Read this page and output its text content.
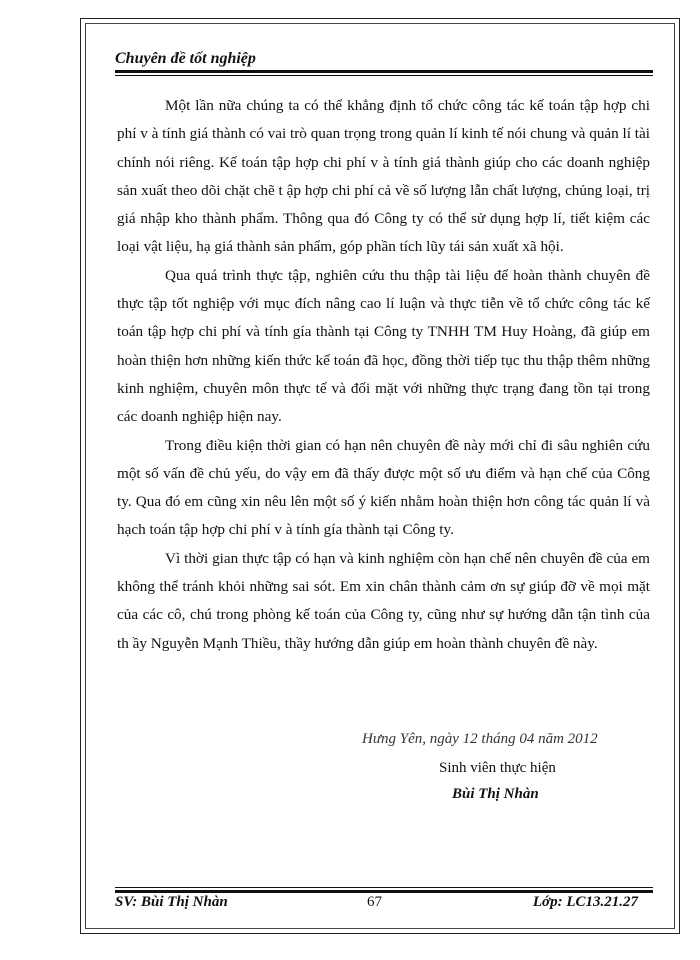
Chuyên đề tốt nghiệp

Một lần nữa chúng ta có thể khẳng định tổ chức công tác kế toán tập hợp chi phí v à tính giá thành có vai trò quan trọng trong quản lí kinh tế nói chung và quản lí tài chính nói riêng. Kế toán tập hợp chi phí v à tính giá thành giúp cho các doanh nghiệp sản xuất theo dõi chặt chẽ t ập hợp chi phí cả về số lượng lẫn chất lượng, chủng loại, trị giá nhập kho thành phẩm. Thông qua đó Công ty có thể sử dụng hợp lí, tiết kiệm các loại vật liệu, hạ giá thành sản phẩm, góp phần tích lũy tái sản xuất xã hội.

Qua quá trình thực tập, nghiên cứu thu thập tài liệu để hoàn thành chuyên đề thực tập tốt nghiệp với mục đích nâng cao lí luận và thực tiễn về tổ chức công tác kế toán tập hợp chi phí và tính gía thành tại Công ty TNHH TM Huy Hoàng, đã giúp em hoàn thiện hơn những kiến thức kế toán đã học, đồng thời tiếp tục thu thập thêm những kinh nghiệm, chuyên môn thực tế và đối mặt với những thực trạng đang tồn tại trong các doanh nghiệp hiện nay.

Trong điều kiện thời gian có hạn nên chuyên đề này mới chỉ đi sâu nghiên cứu một số vấn đề chủ yếu, do vậy em đã thấy được một số ưu điểm và hạn chế của Công ty. Qua đó em cũng xin nêu lên một số ý kiến nhằm hoàn thiện hơn công tác quản lí và hạch toán tập hợp chi phí v à tính gía thành tại Công ty.

Vì thời gian thực tập có hạn và kinh nghiệm còn hạn chế nên chuyên đề của em không thể tránh khỏi những sai sót. Em xin chân thành cảm ơn sự giúp đỡ về mọi mặt của các cô, chú trong phòng kế toán của Công ty, cũng như sự hướng dẫn tận tình của th ầy Nguyễn Mạnh Thiều, thầy hướng dẫn giúp em hoàn thành chuyên đề này.

Hưng Yên, ngày 12 tháng 04 năm 2012
Sinh viên thực hiện
Bùi Thị Nhàn
SV: Bùi Thị Nhàn	67	Lớp: LC13.21.27
